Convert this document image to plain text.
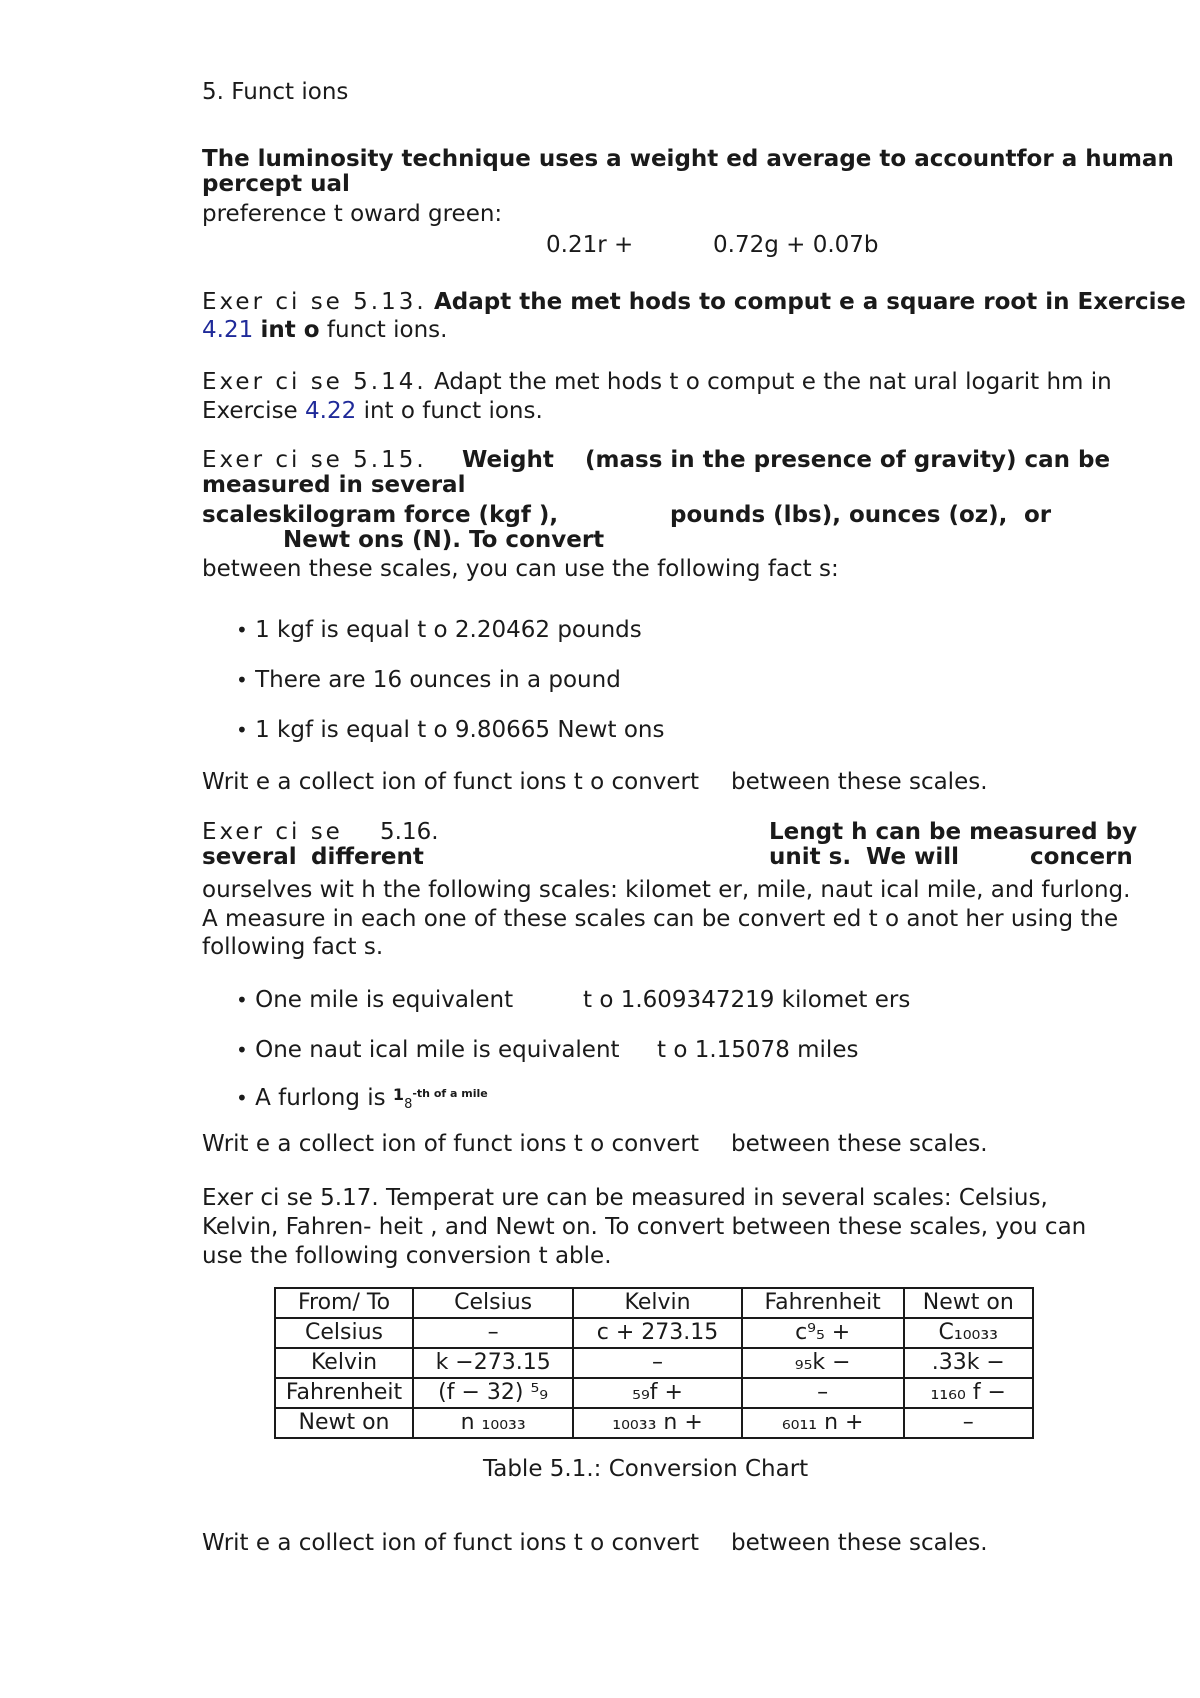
5. Funct ions
The luminosity technique uses a weight ed average to accountfor a human
percept ual
preference t oward green:
0.21r +	0.72g + 0.07b
Exer ci se 5.13. Adapt the met hods to comput e a square root in Exercise
4.21 int o funct ions.
Exer ci se 5.14. Adapt the met hods t o comput e the nat ural logarit hm in
Exercise 4.22 int o funct ions.
Exer ci se 5.15. Weight (mass in the presence of gravity) can be
measured in several
scales:
kilogram force (kgf ),	pounds (lbs), ounces (oz), or
Newt ons (N). To convert
between these scales, you can use the following fact s:
• 1 kgf is equal t o 2.20462 pounds
• There are 16 ounces in a pound
• 1 kgf is equal t o 9.80665 Newt ons
Writ e a collect ion of funct ions t o convert between these scales.
Exer ci se 5.16.	Lengt h can be measured by
several diﬀerent	unit s. We will	concern
ourselves wit h the following scales: kilomet er, mile, naut ical mile, and furlong.
A measure in each one of these scales can be convert ed t o anot her using the
following fact s.
• One mile is equivalent	t o 1.609347219 kilomet ers
• One naut ical mile is equivalent t o 1.15078 miles
• A furlong is $^18^{-th of a mile}$
Writ e a collect ion of funct ions t o convert between these scales.
Exer ci se 5.17. Temperat ure can be measured in several scales: Celsius,
Kelvin, Fahren- heit , and Newt on. To convert between these scales, you can
use the following conversion t able.
From/ To	Celsius	Kelvin	Fahrenheit	Newt on
Celsius	–	c + 273.15	c⁹₅ +	C₁₀₀₃₃
Kelvin	k −273.15	–	₉₅k −	.33k −
Fahrenheit	(f − 32) ⁵₉	₅₉f +	–	₁₁₆₀ f −
Newt on	n ₁₀₀₃₃	₁₀₀₃₃ n +	₆₀₁₁ n +	–
Table 5.1.: Conversion Chart
Writ e a collect ion of funct ions t o convert between these scales.
